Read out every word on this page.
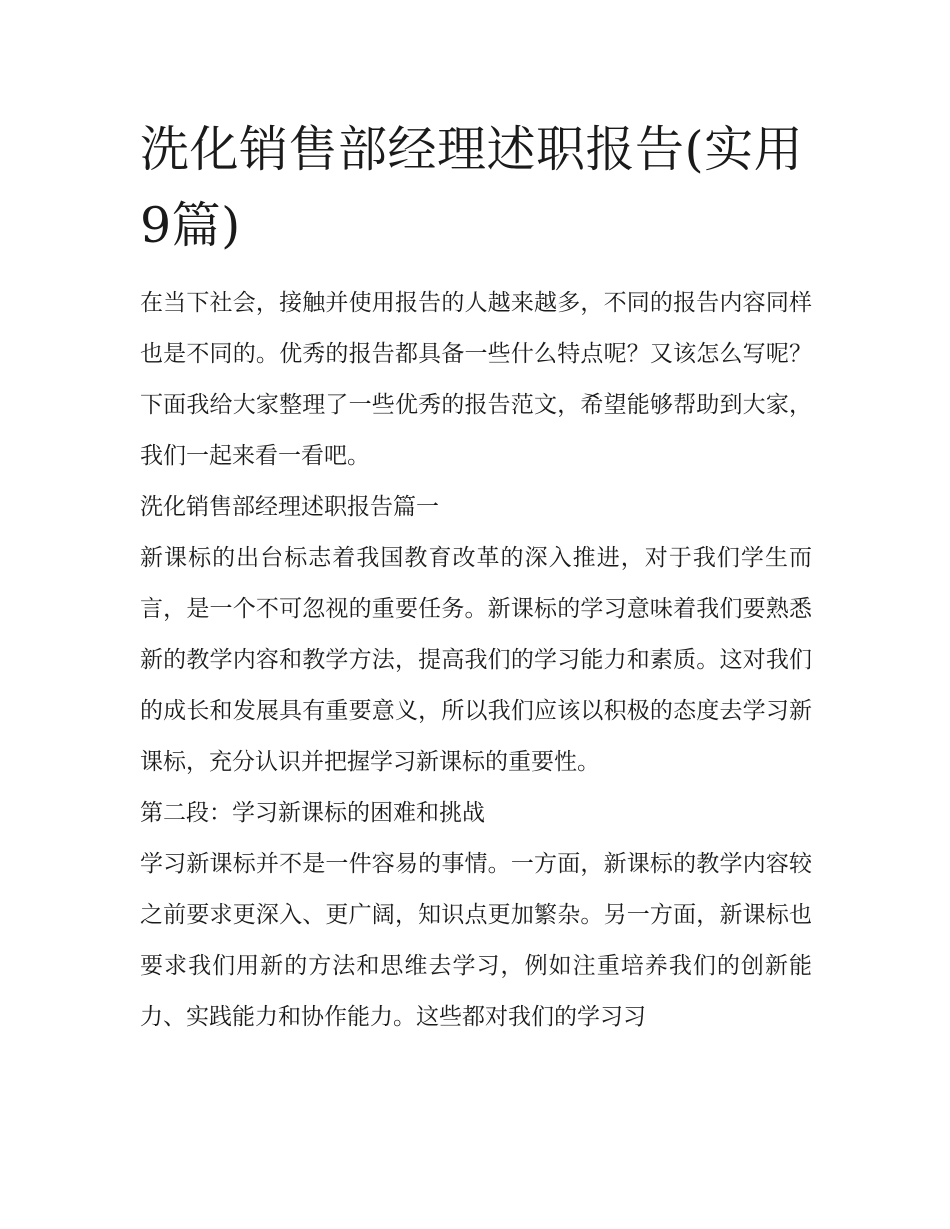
洗化销售部经理述职报告(实用9篇)

在当下社会，接触并使用报告的人越来越多，不同的报告内容同样也是不同的。优秀的报告都具备一些什么特点呢？又该怎么写呢？下面我给大家整理了一些优秀的报告范文，希望能够帮助到大家，我们一起来看一看吧。

洗化销售部经理述职报告篇一

新课标的出台标志着我国教育改革的深入推进，对于我们学生而言，是一个不可忽视的重要任务。新课标的学习意味着我们要熟悉新的教学内容和教学方法，提高我们的学习能力和素质。这对我们的成长和发展具有重要意义，所以我们应该以积极的态度去学习新课标，充分认识并把握学习新课标的重要性。

第二段：学习新课标的困难和挑战

学习新课标并不是一件容易的事情。一方面，新课标的教学内容较之前要求更深入、更广阔，知识点更加繁杂。另一方面，新课标也要求我们用新的方法和思维去学习，例如注重培养我们的创新能力、实践能力和协作能力。这些都对我们的学习习
